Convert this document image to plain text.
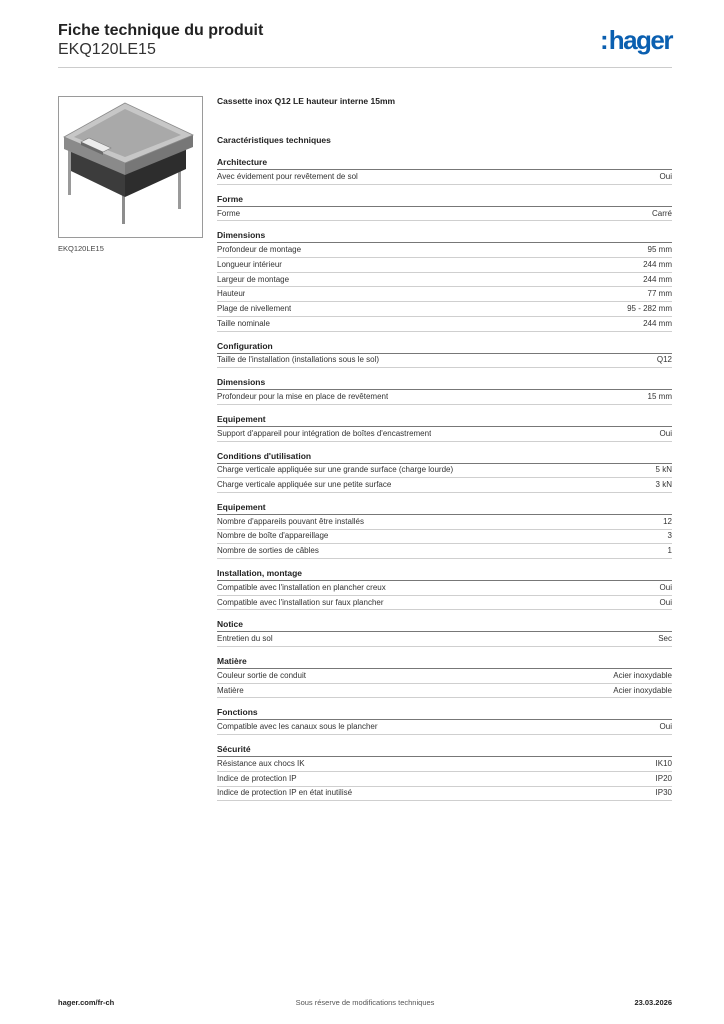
Fiche technique du produit
EKQ120LE15	:hager
EKQ120LE15
Cassette inox Q12 LE hauteur interne 15mm
Caractéristiques techniques
Architecture
Avec évidement pour revêtement de sol	Oui
Forme
Forme	Carré
Dimensions
Profondeur de montage	95 mm
Longueur intérieur	244 mm
Largeur de montage	244 mm
Hauteur	77 mm
Plage de nivellement	95 - 282 mm
Taille nominale	244 mm
Configuration
Taille de l'installation (installations sous le sol)	Q12
Dimensions
Profondeur pour la mise en place de revêtement	15 mm
Equipement
Support d'appareil pour intégration de boîtes d'encastrement	Oui
Conditions d'utilisation
Charge verticale appliquée sur une grande surface (charge lourde)	5 kN
Charge verticale appliquée sur une petite surface	3 kN
Equipement
Nombre d'appareils pouvant être installés	12
Nombre de boîte d'appareillage	3
Nombre de sorties de câbles	1
Installation, montage
Compatible avec l'installation en plancher creux	Oui
Compatible avec l'installation sur faux plancher	Oui
Notice
Entretien du sol	Sec
Matière
Couleur sortie de conduit	Acier inoxydable
Matière	Acier inoxydable
Fonctions
Compatible avec les canaux sous le plancher	Oui
Sécurité
Résistance aux chocs IK	IK10
Indice de protection IP	IP20
Indice de protection IP en état inutilisé	IP30
Sous réserve de modifications techniques
hager.com/fr-ch	23.03.2026
